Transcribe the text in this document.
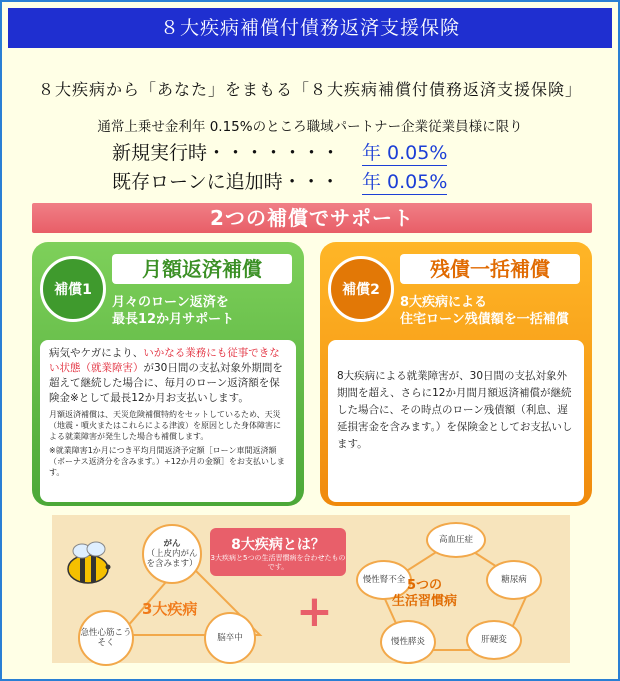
８大疾病補償付債務返済支援保険
８大疾病から「あなた」をまもる「８大疾病補償付債務返済支援保険」
通常上乗せ金利年 0.15%のところ職域パートナー企業従業員様に限り
新規実行時・・・・・・・ 年 0.05%
既存ローンに追加時・・・ 年 0.05%
2つの補償でサポート
補償1
月額返済補償
月々のローン返済を
最長12か月サポート
病気やケガにより、いかなる業務にも従事できない状態（就業障害）が30日間の支払対象外期間を超えて継続した場合に、毎月のローン返済額を保険金※として最長12か月お支払いします。
月額返済補償は、天災危険補償特約をセットしているため、天災（地震・噴火またはこれらによる津波）を原因とした身体障害による就業障害が発生した場合も補償します。
※就業障害1か月につき平均月間返済予定額［ローン車間返済額（ボーナス返済分を含みます。）÷12か月の金額］をお支払いします。
補償2
残債一括補償
8大疾病による
住宅ローン残債額を一括補償
8大疾病による就業障害が、30日間の支払対象外期間を超え、さらに12か月間月額返済補償が継続した場合に、その時点のローン残債額（利息、遅延損害金を含みます。）を保険金としてお支払いします。
がん
（上皮内がんを含みます）
急性心筋こうそく	脳卒中
3大疾病
8大疾病とは？
3大疾病と5つの生活習慣病を合わせたものです。
+
高血圧症
糖尿病
肝硬変
慢性膵炎
慢性腎不全 5つの
生活習慣病
